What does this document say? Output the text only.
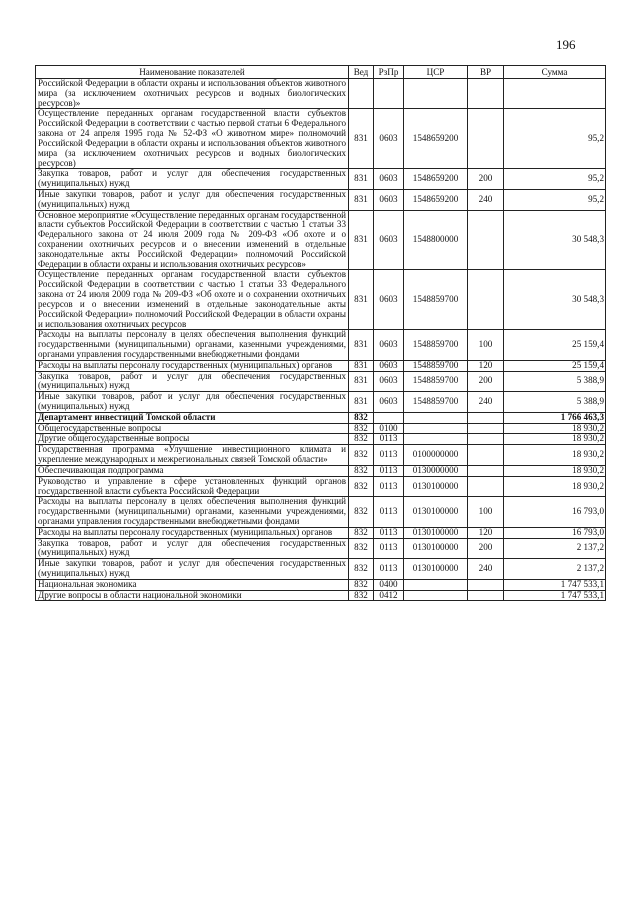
196
Наименование показателей	Вед	РзПр	ЦСР	ВР	Сумма
Российской Федерации в области охраны и использования объектов животного мира (за исключением охотничьих ресурсов и водных биологических ресурсов)»					
Осуществление переданных органам государственной власти субъектов Российской Федерации в соответствии с частью первой статьи 6 Федерального закона от 24 апреля 1995 года № 52-ФЗ «О животном мире» полномочий Российской Федерации в области охраны и использования объектов животного мира (за исключением охотничьих ресурсов и водных биологических ресурсов)	831	0603	1548659200		95,2
Закупка товаров, работ и услуг для обеспечения государственных (муниципальных) нужд	831	0603	1548659200	200	95,2
Иные закупки товаров, работ и услуг для обеспечения государственных (муниципальных) нужд	831	0603	1548659200	240	95,2
Основное мероприятие «Осуществление переданных органам государственной власти субъектов Российской Федерации в соответствии с частью 1 статьи 33 Федерального закона от 24 июля 2009 года № 209-ФЗ «Об охоте и о сохранении охотничьих ресурсов и о внесении изменений в отдельные законодательные акты Российской Федерации» полномочий Российской Федерации в области охраны и использования охотничьих ресурсов»	831	0603	1548800000		30 548,3
Осуществление переданных органам государственной власти субъектов Российской Федерации в соответствии с частью 1 статьи 33 Федерального закона от 24 июля 2009 года № 209-ФЗ «Об охоте и о сохранении охотничьих ресурсов и о внесении изменений в отдельные законодательные акты Российской Федерации» полномочий Российской Федерации в области охраны и использования охотничьих ресурсов	831	0603	1548859700		30 548,3
Расходы на выплаты персоналу в целях обеспечения выполнения функций государственными (муниципальными) органами, казенными учреждениями, органами управления государственными внебюджетными фондами	831	0603	1548859700	100	25 159,4
Расходы на выплаты персоналу государственных (муниципальных) органов	831	0603	1548859700	120	25 159,4
Закупка товаров, работ и услуг для обеспечения государственных (муниципальных) нужд	831	0603	1548859700	200	5 388,9
Иные закупки товаров, работ и услуг для обеспечения государственных (муниципальных) нужд	831	0603	1548859700	240	5 388,9
Департамент инвестиций Томской области	832				1 766 463,3
Общегосударственные вопросы	832	0100			18 930,2
Другие общегосударственные вопросы	832	0113			18 930,2
Государственная программа «Улучшение инвестиционного климата и укрепление международных и межрегиональных связей Томской области»	832	0113	0100000000		18 930,2
Обеспечивающая подпрограмма	832	0113	0130000000		18 930,2
Руководство и управление в сфере установленных функций органов государственной власти субъекта Российской Федерации	832	0113	0130100000		18 930,2
Расходы на выплаты персоналу в целях обеспечения выполнения функций государственными (муниципальными) органами, казенными учреждениями, органами управления государственными внебюджетными фондами	832	0113	0130100000	100	16 793,0
Расходы на выплаты персоналу государственных (муниципальных) органов	832	0113	0130100000	120	16 793,0
Закупка товаров, работ и услуг для обеспечения государственных (муниципальных) нужд	832	0113	0130100000	200	2 137,2
Иные закупки товаров, работ и услуг для обеспечения государственных (муниципальных) нужд	832	0113	0130100000	240	2 137,2
Национальная экономика	832	0400			1 747 533,1
Другие вопросы в области национальной экономики	832	0412			1 747 533,1
